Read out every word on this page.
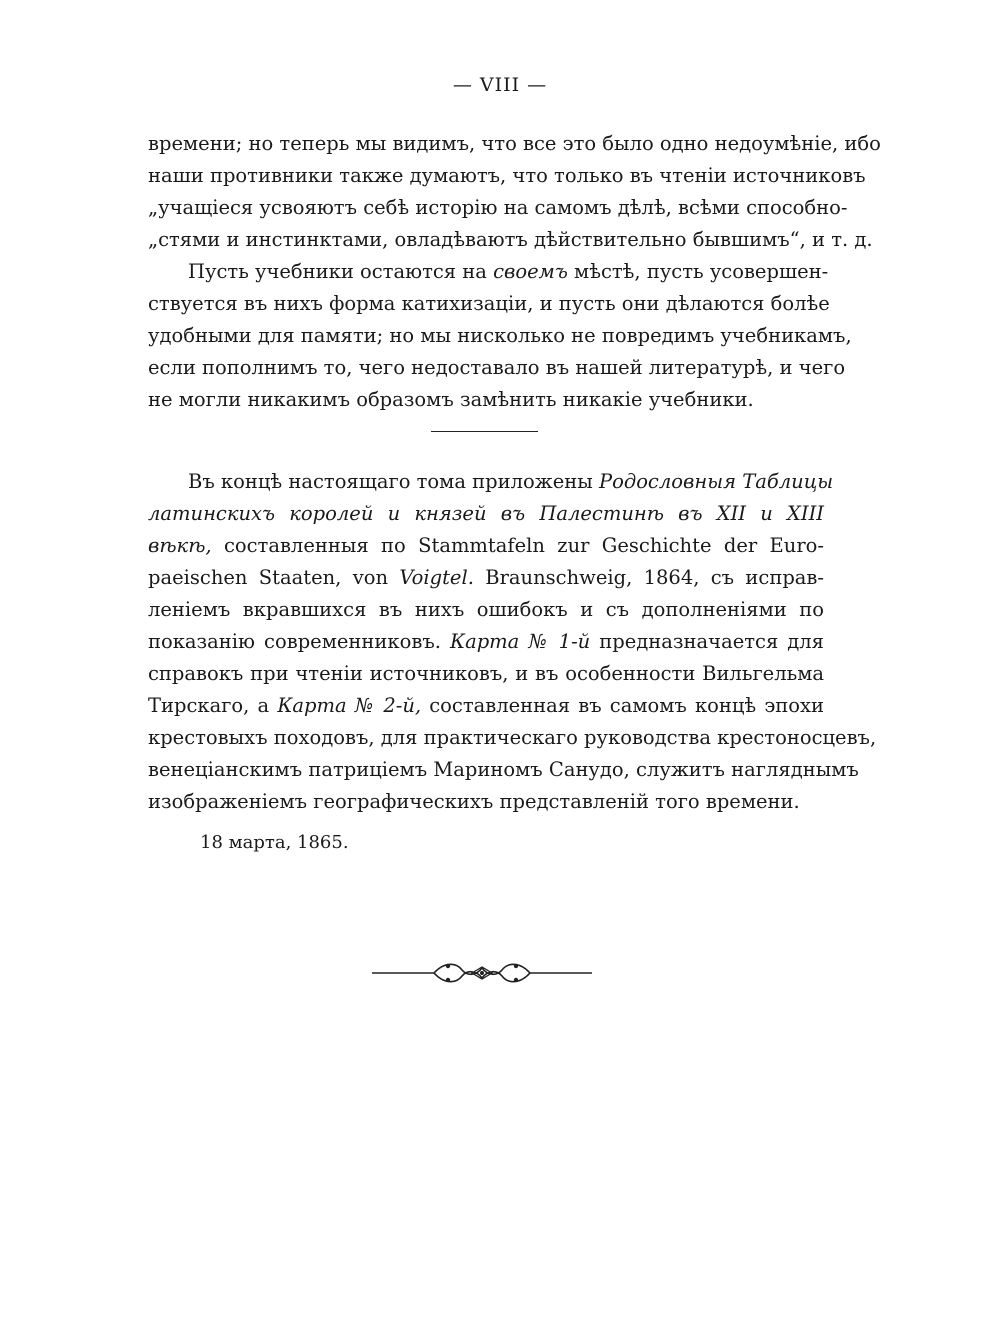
— VIII —
времени; но теперь мы видимъ, что все это было одно недоумѣніе, ибо
наши противники также думаютъ, что только въ чтеніи источниковъ
„учащіеся усвояютъ себѣ исторію на самомъ дѣлѣ, всѣми способно-
„стями и инстинктами, овладѣваютъ дѣйствительно бывшимъ“, и т. д.
Пусть учебники остаются на своемъ мѣстѣ, пусть усовершен-
ствуется въ нихъ форма катихизаціи, и пусть они дѣлаются болѣе
удобными для памяти; но мы нисколько не повредимъ учебникамъ,
если пополнимъ то, чего недоставало въ нашей литературѣ, и чего
не могли никакимъ образомъ замѣнить никакіе учебники.
Въ концѣ настоящаго тома приложены Родословныя Таблицы
латинскихъ королей и князей въ Палестинѣ въ XII и XIII
вѣкѣ, составленныя по Stammtafeln zur Geschichte der Euro-
paeischen Staaten, von Voigtel. Braunschweig, 1864, съ исправ-
леніемъ вкравшихся въ нихъ ошибокъ и съ дополненіями по
показанію современниковъ. Карта № 1-й предназначается для
справокъ при чтеніи источниковъ, и въ особенности Вильгельма
Тирскаго, а Карта № 2-й, составленная въ самомъ концѣ эпохи
крестовыхъ походовъ, для практическаго руководства крестоносцевъ,
венеціанскимъ патриціемъ Мариномъ Санудо, служитъ нагляднымъ
изображеніемъ географическихъ представленій того времени.
18 марта, 1865.
